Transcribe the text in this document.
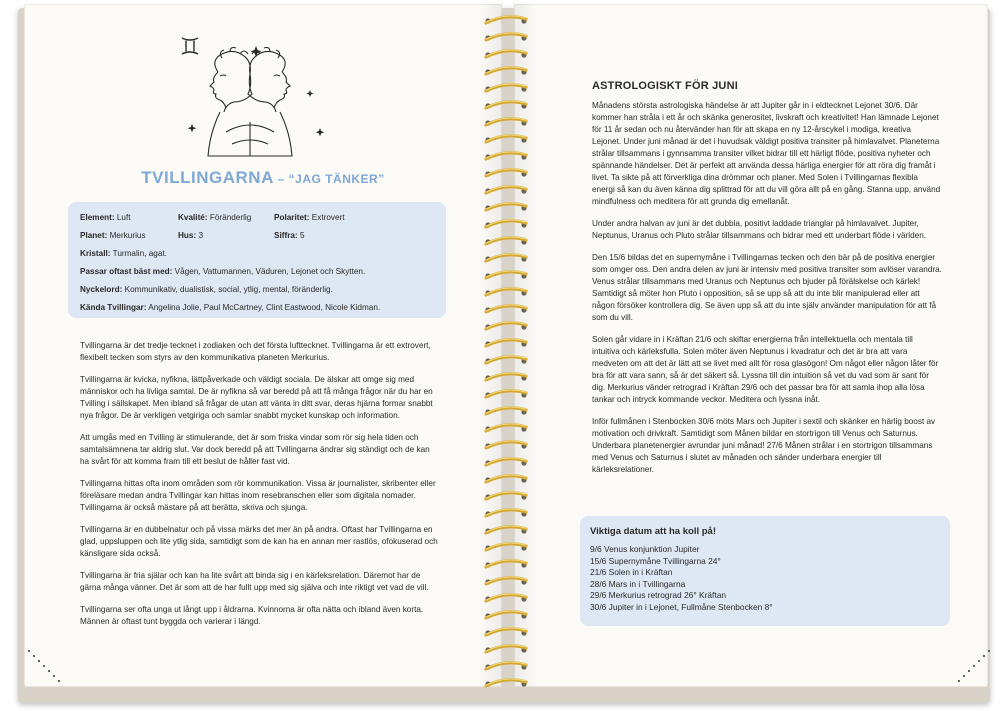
TVILLINGARNA – “JAG TÄNKER”
Element: Luft	Kvalité: Föränderlig	Polaritet: Extrovert
Planet: Merkurius	Hus: 3	Siffra: 5
Kristall: Turmalin, agat.
Passar oftast bäst med: Vågen, Vattumannen, Väduren, Lejonet och Skytten.
Nyckelord: Kommunikativ, dualistisk, social, ytlig, mental, föränderlig.
Kända Tvillingar: Angelina Jolie, Paul McCartney, Clint Eastwood, Nicole Kidman.

Tvillingarna är det tredje tecknet i zodiaken och det första lufttecknet. Tvillingarna är ett extrovert, flexibelt tecken som styrs av den kommunikativa planeten Merkurius.

Tvillingarna är kvicka, nyfikna, lättpåverkade och väldigt sociala. De älskar att omge sig med människor och ha livliga samtal. De är nyfikna så var beredd på att få många frågor när du har en Tvilling i sällskapet. Men ibland så frågar de utan att vänta in ditt svar, deras hjärna formar snabbt nya frågor. De är verkligen vetgiriga och samlar snabbt mycket kunskap och information.

Att umgås med en Tvilling är stimulerande, det är som friska vindar som rör sig hela tiden och samtalsämnena tar aldrig slut. Var dock beredd på att Tvillingarna ändrar sig ständigt och de kan ha svårt för att komma fram till ett beslut de håller fast vid.

Tvillingarna hittas ofta inom områden som rör kommunikation. Vissa är journalister, skribenter eller föreläsare medan andra Tvillingar kan hittas inom resebranschen eller som digitala nomader. Tvillingarna är också mästare på att berätta, skriva och sjunga.

Tvillingarna är en dubbelnatur och på vissa märks det mer än på andra. Oftast har Tvillingarna en glad, uppsluppen och lite ytlig sida, samtidigt som de kan ha en annan mer rastlös, ofokuserad och känsligare sida också.

Tvillingarna är fria själar och kan ha lite svårt att binda sig i en kärleksrelation. Däremot har de gärna många vänner. Det är som att de har fullt upp med sig själva och inte riktigt vet vad de vill.

Tvillingarna ser ofta unga ut långt upp i åldrarna. Kvinnorna är ofta nätta och ibland även korta. Männen är oftast tunt byggda och varierar i längd.

ASTROLOGISKT FÖR JUNI

Månadens största astrologiska händelse är att Jupiter går in i eldtecknet Lejonet 30/6. Där kommer han stråla i ett år och skänka generositet, livskraft och kreativitet! Han lämnade Lejonet för 11 år sedan och nu återvänder han för att skapa en ny 12-årscykel i modiga, kreativa Lejonet. Under juni månad är det i huvudsak väldigt positiva transiter på himlavalvet. Planeterna strålar tillsammans i gynnsamma transiter vilket bidrar till ett härligt flöde, positiva nyheter och spännande händelser. Det är perfekt att använda dessa härliga energier för att röra dig framåt i livet. Ta sikte på att förverkliga dina drömmar och planer. Med Solen i Tvillingarnas flexibla energi så kan du även känna dig splittrad för att du vill göra allt på en gång. Stanna upp, använd mindfulness och meditera för att grunda dig emellanåt.

Under andra halvan av juni är det dubbla, positivt laddade trianglar på himlavalvet. Jupiter, Neptunus, Uranus och Pluto strålar tillsammans och bidrar med ett underbart flöde i världen.

Den 15/6 bildas det en supernymåne i Tvillingarnas tecken och den bär på de positiva energier som omger oss. Den andra delen av juni är intensiv med positiva transiter som avlöser varandra. Venus strålar tillsammans med Uranus och Neptunus och bjuder på förälskelse och kärlek! Samtidigt så möter hon Pluto i opposition, så se upp så att du inte blir manipulerad eller att någon försöker kontrollera dig. Se även upp så att du inte själv använder manipulation för att få som du vill.

Solen går vidare in i Kräftan 21/6 och skiftar energierna från intellektuella och mentala till intuitiva och kärleksfulla. Solen möter även Neptunus i kvadratur och det är bra att vara medveten om att det är lätt att se livet med allt för rosa glasögon! Om något eller någon låter för bra för att vara sann, så är det säkert så. Lyssna till din intuition så vet du vad som är sant för dig. Merkurius vänder retrograd i Kräftan 29/6 och det passar bra för att samla ihop alla lösa tankar och intryck kommande veckor. Meditera och lyssna inåt.

Inför fullmånen i Stenbocken 30/6 möts Mars och Jupiter i sextil och skänker en härlig boost av motivation och drivkraft. Samtidigt som Månen bildar en stortrigon till Venus och Saturnus. Underbara planetenergier avrundar juni månad! 27/6 Månen strålar i en stortrigon tillsammans med Venus och Saturnus i slutet av månaden och sänder underbara energier till kärleksrelationer.

Viktiga datum att ha koll på!
9/6 Venus konjunktion Jupiter
15/6 Supernymåne Tvillingarna 24°
21/6 Solen in i Kräftan
28/6 Mars in i Tvillingarna
29/6 Merkurius retrograd 26° Kräftan
30/6 Jupiter in i Lejonet, Fullmåne Stenbocken 8°
